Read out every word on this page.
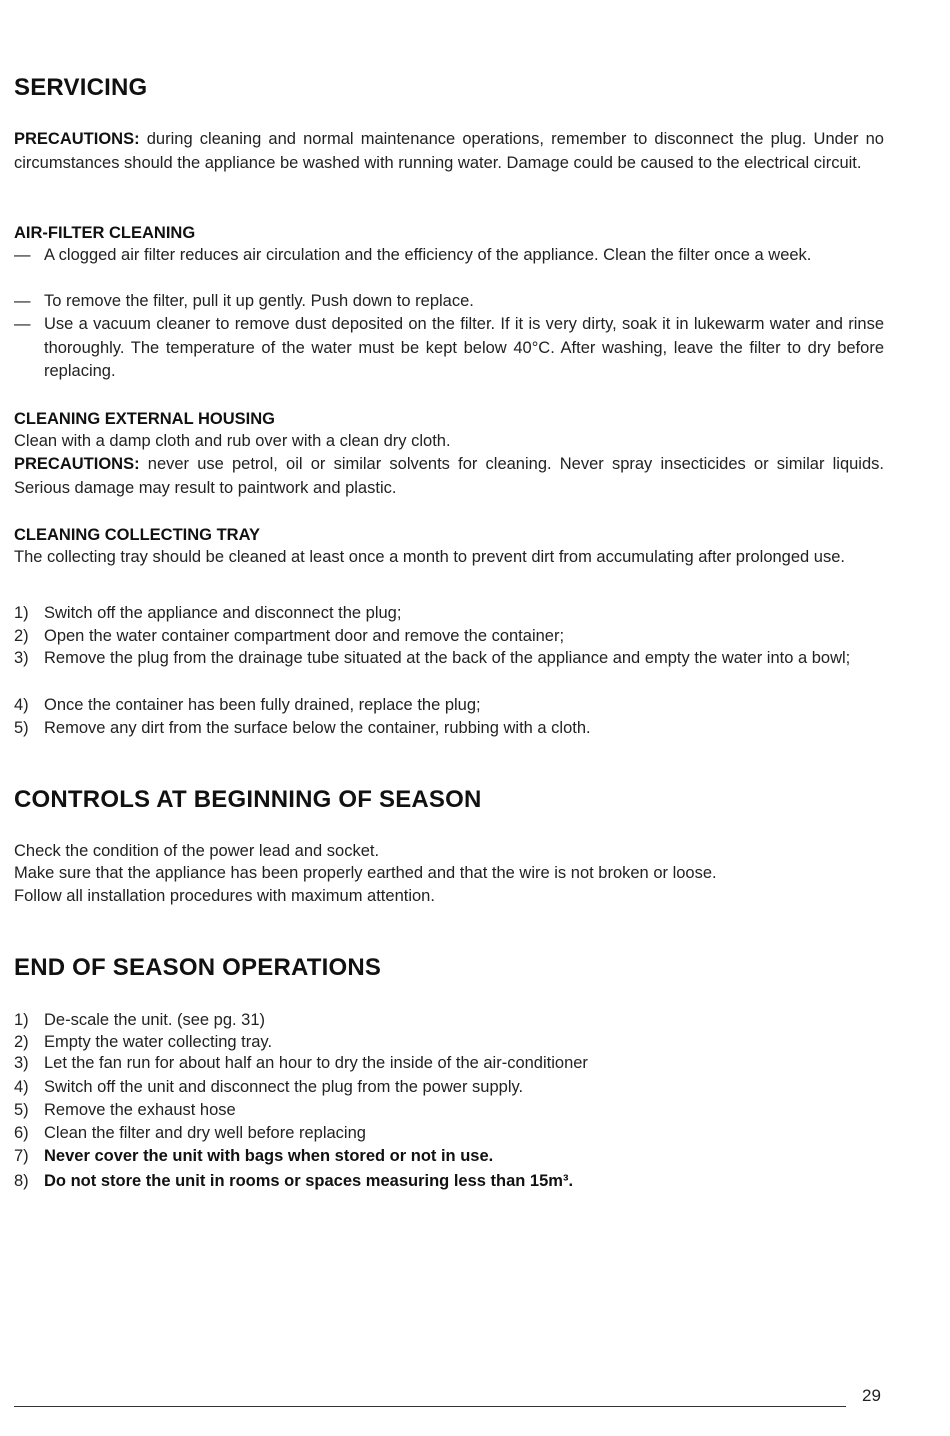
SERVICING
PRECAUTIONS: during cleaning and normal maintenance operations, remember to disconnect the plug. Under no circumstances should the appliance be washed with running water. Damage could be caused to the electrical circuit.
AIR-FILTER CLEANING
— A clogged air filter reduces air circulation and the efficiency of the appliance. Clean the filter once a week.
— To remove the filter, pull it up gently. Push down to replace.
— Use a vacuum cleaner to remove dust deposited on the filter. If it is very dirty, soak it in lukewarm water and rinse thoroughly. The temperature of the water must be kept below 40°C. After washing, leave the filter to dry before replacing.
CLEANING EXTERNAL HOUSING
Clean with a damp cloth and rub over with a clean dry cloth.
PRECAUTIONS: never use petrol, oil or similar solvents for cleaning. Never spray insecticides or similar liquids. Serious damage may result to paintwork and plastic.
CLEANING COLLECTING TRAY
The collecting tray should be cleaned at least once a month to prevent dirt from accumulating after prolonged use.
1) Switch off the appliance and disconnect the plug;
2) Open the water container compartment door and remove the container;
3) Remove the plug from the drainage tube situated at the back of the appliance and empty the water into a bowl;
4) Once the container has been fully drained, replace the plug;
5) Remove any dirt from the surface below the container, rubbing with a cloth.
CONTROLS AT BEGINNING OF SEASON
Check the condition of the power lead and socket.
Make sure that the appliance has been properly earthed and that the wire is not broken or loose.
Follow all installation procedures with maximum attention.
END OF SEASON OPERATIONS
1) De-scale the unit. (see pg. 31)
2) Empty the water collecting tray.
3) Let the fan run for about half an hour to dry the inside of the air-conditioner
4) Switch off the unit and disconnect the plug from the power supply.
5) Remove the exhaust hose
6) Clean the filter and dry well before replacing
7) Never cover the unit with bags when stored or not in use.
8) Do not store the unit in rooms or spaces measuring less than 15m³.
29
